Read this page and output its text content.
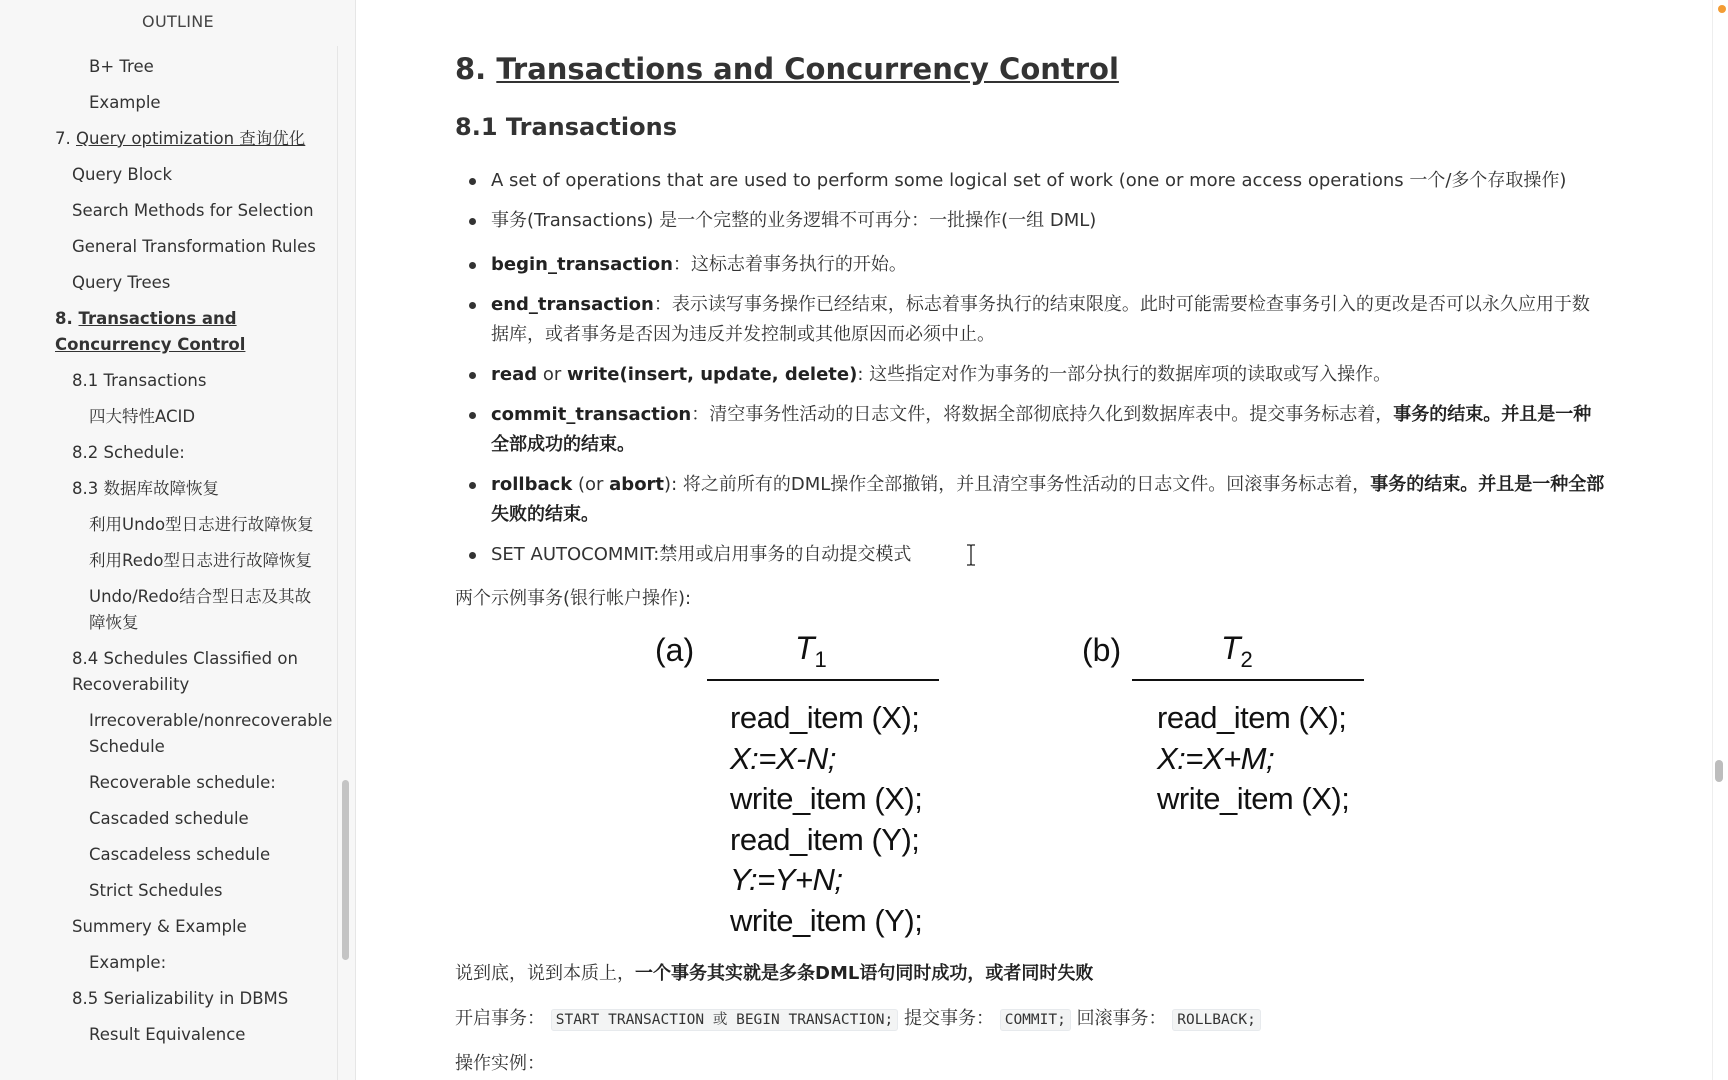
OUTLINE
B+ Tree
Example
7. Query optimization 查询优化
Query Block
Search Methods for Selection
General Transformation Rules
Query Trees
8. Transactions and Concurrency Control
8.1 Transactions
四大特性ACID
8.2 Schedule:
8.3 数据库故障恢复
利用Undo型日志进行故障恢复
利用Redo型日志进行故障恢复
Undo/Redo结合型日志及其故障恢复
8.4 Schedules Classified on Recoverability
Irrecoverable/nonrecoverable Schedule
Recoverable schedule:
Cascaded schedule
Cascadeless schedule
Strict Schedules
Summery & Example
Example:
8.5 Serializability in DBMS
Result Equivalence
8. Transactions and Concurrency Control
8.1 Transactions
A set of operations that are used to perform some logical set of work (one or more access operations 一个/多个存取操作)
事务(Transactions) 是一个完整的业务逻辑不可再分：一批操作(一组 DML)
begin_transaction：这标志着事务执行的开始。
end_transaction：表示读写事务操作已经结束，标志着事务执行的结束限度。此时可能需要检查事务引入的更改是否可以永久应用于数据库，或者事务是否因为违反并发控制或其他原因而必须中止。
read or write(insert, update, delete): 这些指定对作为事务的一部分执行的数据库项的读取或写入操作。
commit_transaction：清空事务性活动的日志文件，将数据全部彻底持久化到数据库表中。提交事务标志着，事务的结束。并且是一种全部成功的结束。
rollback (or abort): 将之前所有的DML操作全部撤销，并且清空事务性活动的日志文件。回滚事务标志着，事务的结束。并且是一种全部失败的结束。
SET AUTOCOMMIT:禁用或启用事务的自动提交模式
两个示例事务(银行帐户操作):
(a)	$T_1$
read_item (X);
X:=X-N;
write_item (X);
read_item (Y);
Y:=Y+N;
write_item (Y);
(b)	$T_2$
read_item (X);
X:=X+M;
write_item (X);
说到底，说到本质上，一个事务其实就是多条DML语句同时成功，或者同时失败
开启事务： START TRANSACTION 或 BEGIN TRANSACTION; 提交事务： COMMIT; 回滚事务： ROLLBACK;
操作实例：
